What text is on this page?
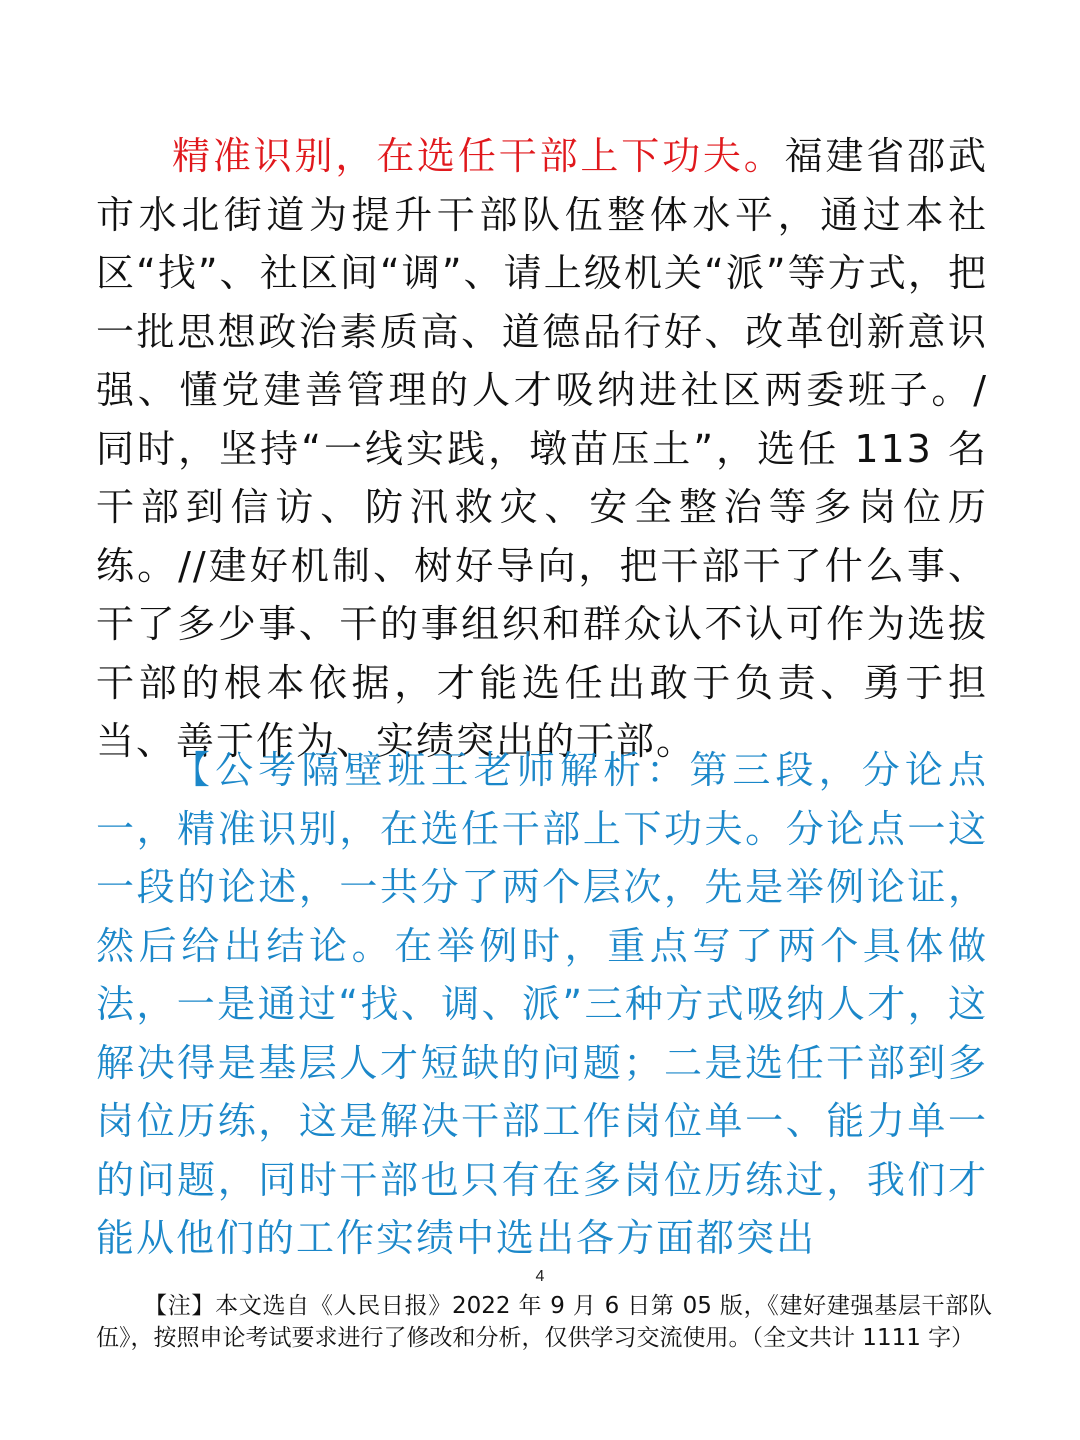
精准识别，在选任干部上下功夫。福建省邵武市水北街道为提升干部队伍整体水平，通过本社区“找”、社区间“调”、请上级机关“派”等方式，把一批思想政治素质高、道德品行好、改革创新意识强、懂党建善管理的人才吸纳进社区两委班子。/同时，坚持“一线实践，墩苗压土”，选任 113 名干部到信访、防汛救灾、安全整治等多岗位历练。//建好机制、树好导向，把干部干了什么事、干了多少事、干的事组织和群众认不认可作为选拔干部的根本依据，才能选任出敢于负责、勇于担当、善于作为、实绩突出的干部。

【公考隔壁班王老师解析：第三段，分论点一，精准识别，在选任干部上下功夫。分论点一这一段的论述，一共分了两个层次，先是举例论证，然后给出结论。在举例时，重点写了两个具体做法，一是通过“找、调、派”三种方式吸纳人才，这解决得是基层人才短缺的问题；二是选任干部到多岗位历练，这是解决干部工作岗位单一、能力单一的问题，同时干部也只有在多岗位历练过，我们才能从他们的工作实绩中选出各方面都突出

4

【注】本文选自《人民日报》2022 年 9 月 6 日第 05 版，《建好建强基层干部队伍》，按照申论考试要求进行了修改和分析，仅供学习交流使用。（全文共计 1111 字）
